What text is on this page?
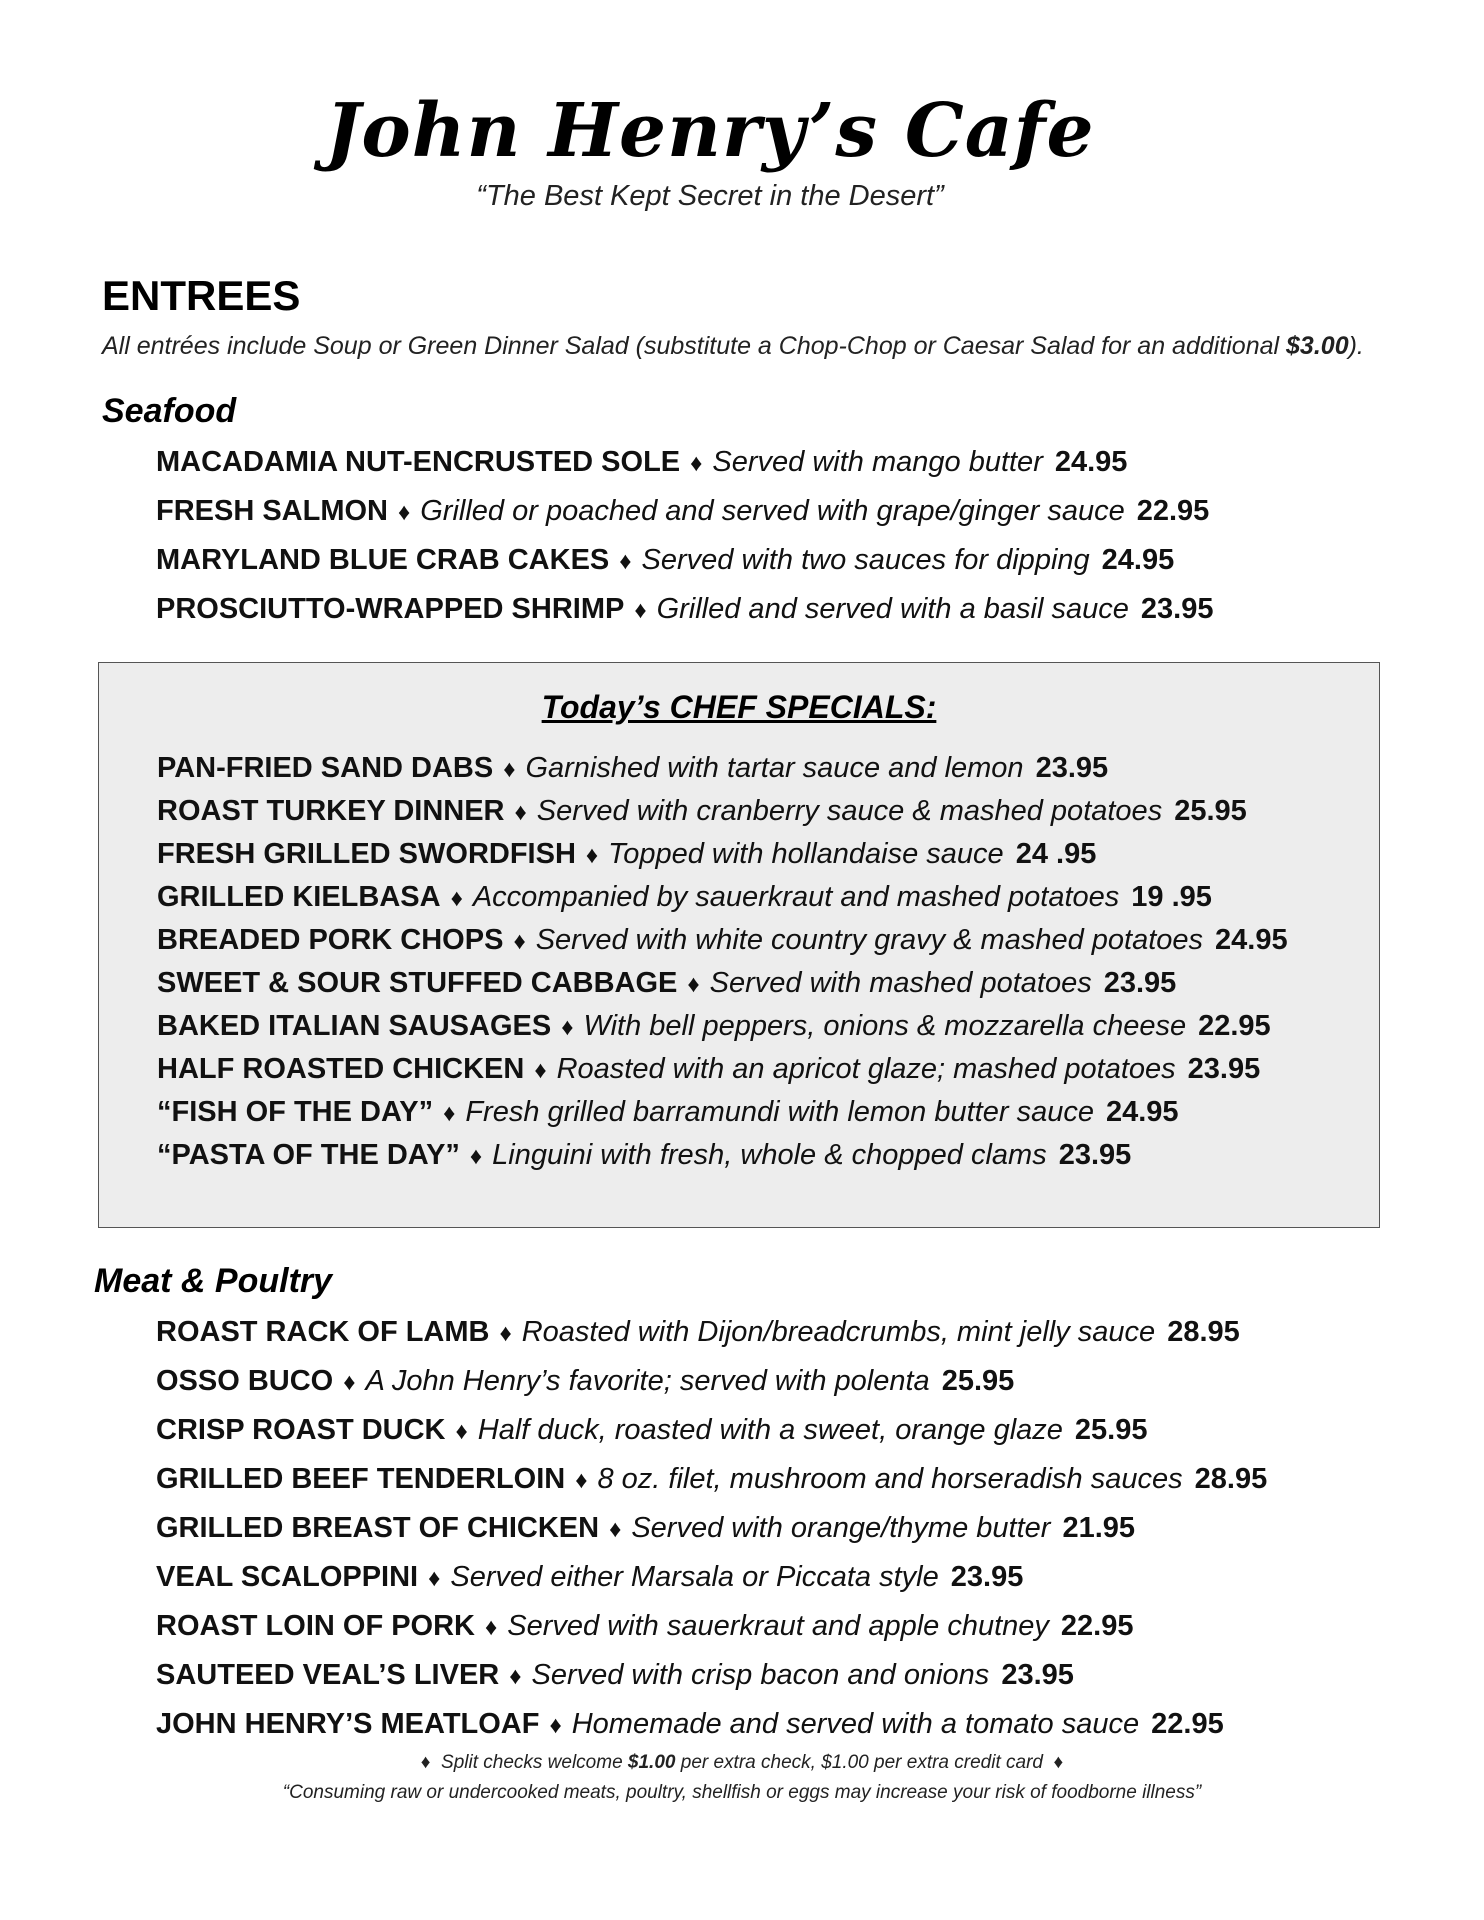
John Henry’s Cafe
“The Best Kept Secret in the Desert”
ENTREES
All entrées include Soup or Green Dinner Salad (substitute a Chop-Chop or Caesar Salad for an additional $3.00).
Seafood
MACADAMIA NUT-ENCRUSTED SOLE ♦ Served with mango butter 24.95
FRESH SALMON ♦ Grilled or poached and served with grape/ginger sauce 22.95
MARYLAND BLUE CRAB CAKES ♦ Served with two sauces for dipping 24.95
PROSCIUTTO-WRAPPED SHRIMP ♦ Grilled and served with a basil sauce 23.95
Today’s CHEF SPECIALS:
PAN-FRIED SAND DABS ♦ Garnished with tartar sauce and lemon 23.95
ROAST TURKEY DINNER ♦ Served with cranberry sauce & mashed potatoes 25.95
FRESH GRILLED SWORDFISH ♦ Topped with hollandaise sauce 24 .95
GRILLED KIELBASA ♦ Accompanied by sauerkraut and mashed potatoes 19 .95
BREADED PORK CHOPS ♦ Served with white country gravy & mashed potatoes 24.95
SWEET & SOUR STUFFED CABBAGE ♦ Served with mashed potatoes 23.95
BAKED ITALIAN SAUSAGES ♦ With bell peppers, onions & mozzarella cheese 22.95
HALF ROASTED CHICKEN ♦ Roasted with an apricot glaze; mashed potatoes 23.95
“FISH OF THE DAY” ♦ Fresh grilled barramundi with lemon butter sauce 24.95
“PASTA OF THE DAY” ♦ Linguini with fresh, whole & chopped clams 23.95
Meat & Poultry
ROAST RACK OF LAMB ♦ Roasted with Dijon/breadcrumbs, mint jelly sauce 28.95
OSSO BUCO ♦ A John Henry’s favorite; served with polenta 25.95
CRISP ROAST DUCK ♦ Half duck, roasted with a sweet, orange glaze 25.95
GRILLED BEEF TENDERLOIN ♦ 8 oz. filet, mushroom and horseradish sauces 28.95
GRILLED BREAST OF CHICKEN ♦ Served with orange/thyme butter 21.95
VEAL SCALOPPINI ♦ Served either Marsala or Piccata style 23.95
ROAST LOIN OF PORK ♦ Served with sauerkraut and apple chutney 22.95
SAUTEED VEAL’S LIVER ♦ Served with crisp bacon and onions 23.95
JOHN HENRY’S MEATLOAF ♦ Homemade and served with a tomato sauce 22.95
♦ Split checks welcome $1.00 per extra check, $1.00 per extra credit card ♦
“Consuming raw or undercooked meats, poultry, shellfish or eggs may increase your risk of foodborne illness”
